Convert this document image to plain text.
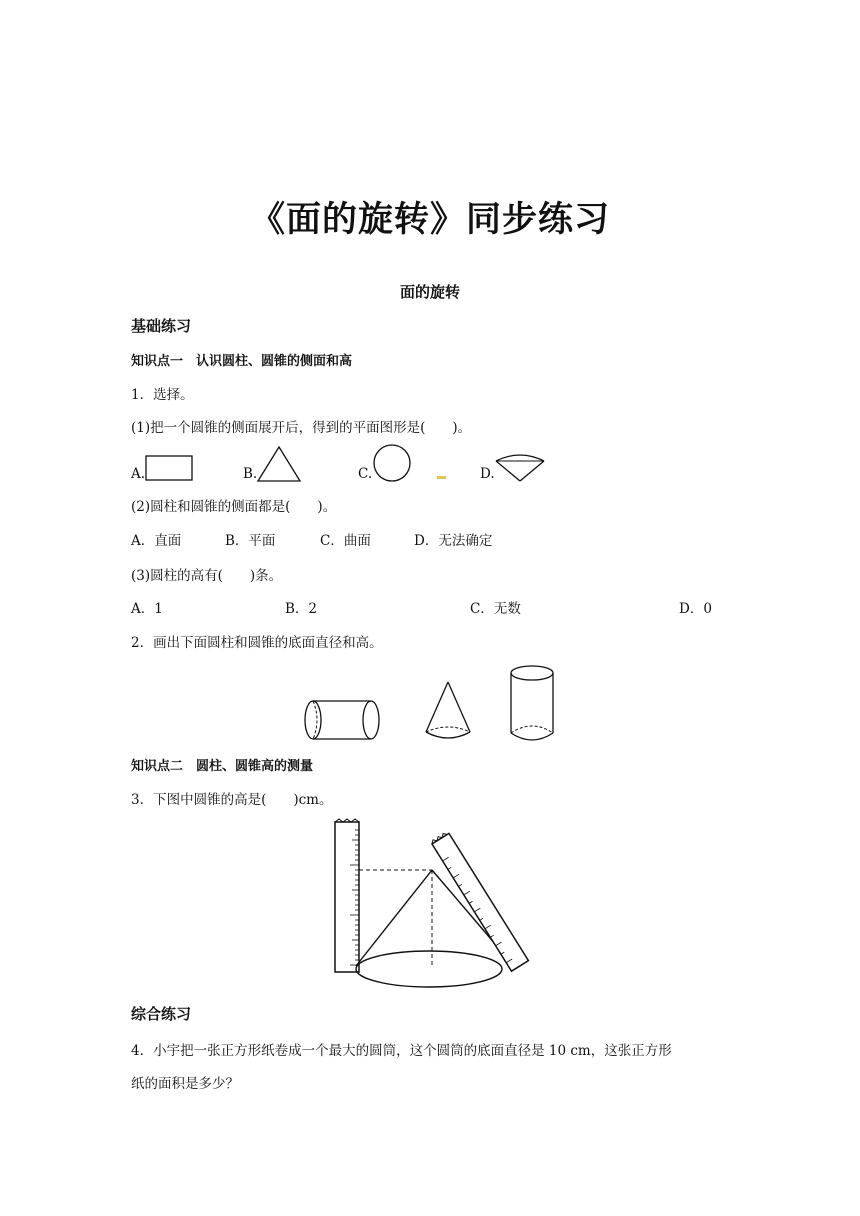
《面的旋转》同步练习
面的旋转
基础练习
知识点一　认识圆柱、圆锥的侧面和高
1．选择。
(1)把一个圆锥的侧面展开后，得到的平面图形是(　　)。
A.	B.	C.	D.
(2)圆柱和圆锥的侧面都是(　　)。
A．直面	B．平面	C．曲面	D．无法确定
(3)圆柱的高有(　　)条。
A．1	B．2	C．无数	D．0
2．画出下面圆柱和圆锥的底面直径和高。
知识点二　圆柱、圆锥高的测量
3．下图中圆锥的高是(　　)cm。
综合练习
4．小宇把一张正方形纸卷成一个最大的圆筒，这个圆筒的底面直径是 10 cm，这张正方形
纸的面积是多少？
